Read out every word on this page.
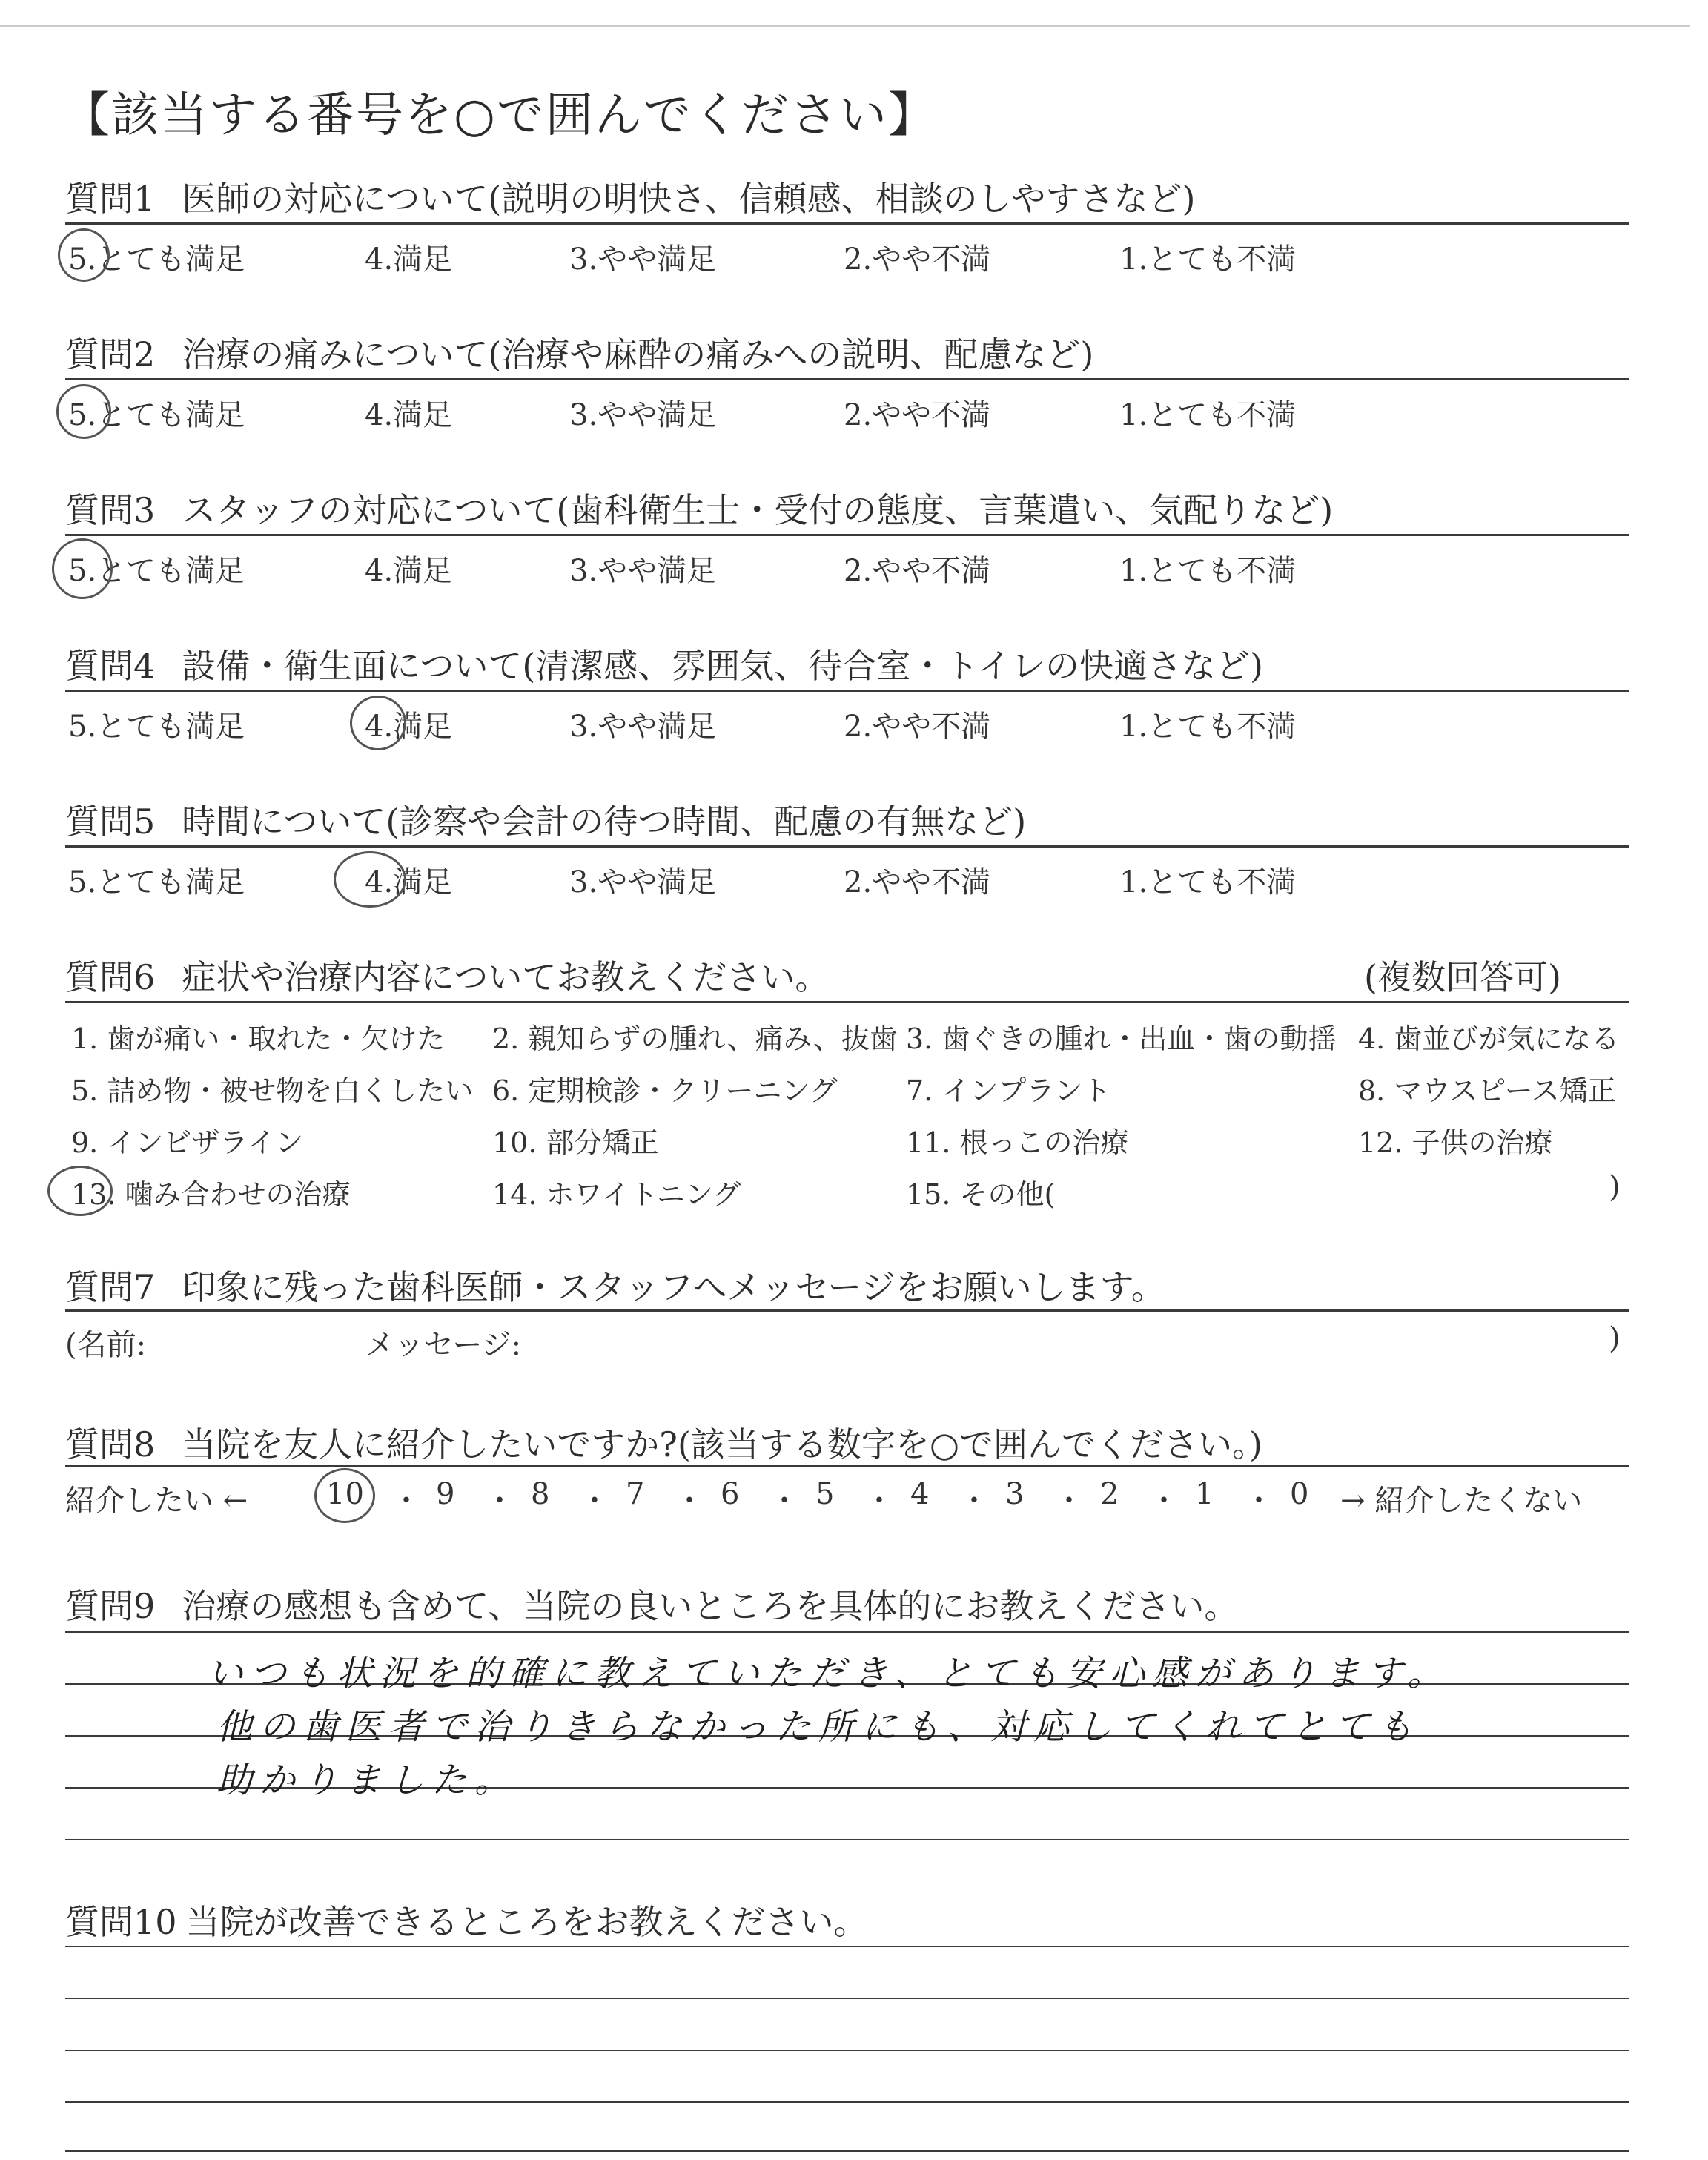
【該当する番号を○で囲んでください】
質問1 医師の対応について(説明の明快さ、信頼感、相談のしやすさなど)
5.とても満足	4.満足	3.やや満足	2.やや不満	1.とても不満
質問2 治療の痛みについて(治療や麻酔の痛みへの説明、配慮など)
5.とても満足	4.満足	3.やや満足	2.やや不満	1.とても不満
質問3 スタッフの対応について(歯科衛生士・受付の態度、言葉遣い、気配りなど)
5.とても満足	4.満足	3.やや満足	2.やや不満	1.とても不満
質問4 設備・衛生面について(清潔感、雰囲気、待合室・トイレの快適さなど)
5.とても満足	4.満足	3.やや満足	2.やや不満	1.とても不満
質問5 時間について(診察や会計の待つ時間、配慮の有無など)
5.とても満足	4.満足	3.やや満足	2.やや不満	1.とても不満
質問6 症状や治療内容についてお教えください。	(複数回答可)
1. 歯が痛い・取れた・欠けた 2. 親知らずの腫れ、痛み、抜歯 3. 歯ぐきの腫れ・出血・歯の動揺 4. 歯並びが気になる
5. 詰め物・被せ物を白くしたい 6. 定期検診・クリーニング 7. インプラント	8. マウスピース矯正
9. インビザライン	10. 部分矯正	11. 根っこの治療	12. 子供の治療
13. 噛み合わせの治療	14. ホワイトニング	15. その他(	)
質問7 印象に残った歯科医師・スタッフへメッセージをお願いします。
(名前:	メッセージ:	)
質問8 当院を友人に紹介したいですか?(該当する数字を○で囲んでください。)
紹介したい ←	→ 紹介したくない
10 ・ 9 ・ 8 ・ 7 ・ 6 ・ 5 ・ 4 ・ 3 ・ 2 ・ 1 ・ 0
質問9 治療の感想も含めて、当院の良いところを具体的にお教えください。
いつも状況を的確に教えていただき、とても安心感があります。
他の歯医者で治りきらなかった所にも、対応してくれてとても
助かりました。
質問10 当院が改善できるところをお教えください。
